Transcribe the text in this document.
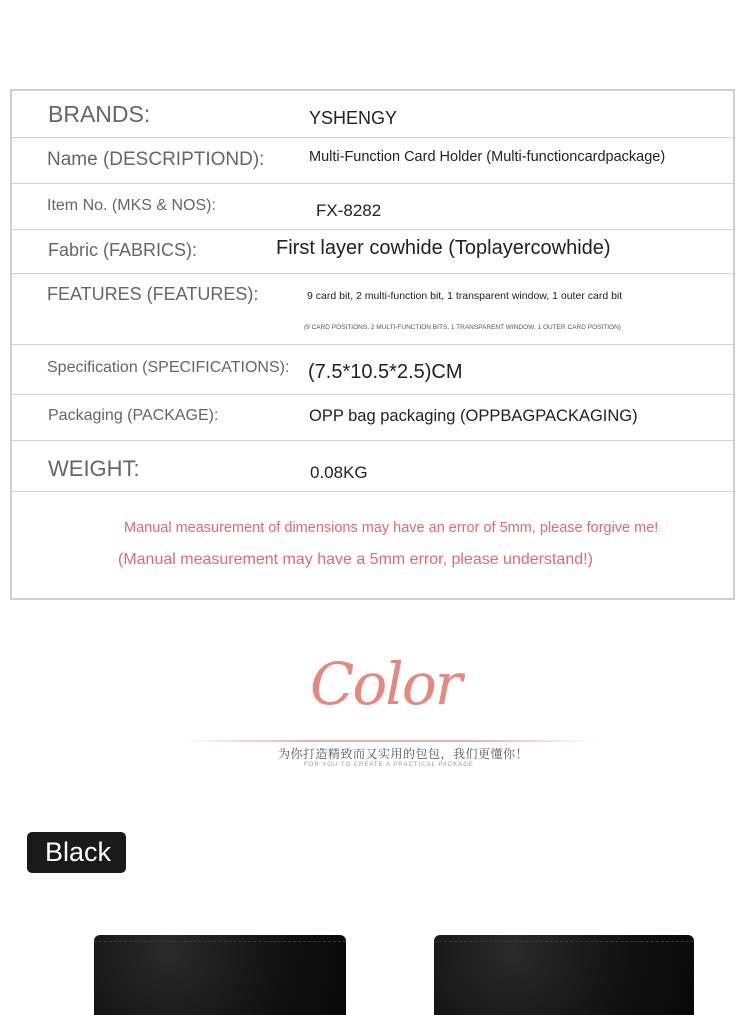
BRANDS:	YSHENGY
Name (DESCRIPTIOND):	Multi-Function Card Holder (Multi-functioncardpackage)
Item No. (MKS & NOS):	FX-8282
Fabric (FABRICS):	First layer cowhide (Toplayercowhide)
FEATURES (FEATURES):	9 card bit, 2 multi-function bit, 1 transparent window, 1 outer card bit
(9 CARD POSITIONS, 2 MULTI-FUNCTION BITS, 1 TRANSPARENT WINDOW, 1 OUTER CARD POSITION)
Specification (SPECIFICATIONS): (7.5*10.5*2.5)CM
Packaging (PACKAGE):	OPP bag packaging (OPPBAGPACKAGING)
WEIGHT:	0.08KG
Manual measurement of dimensions may have an error of 5mm, please forgive me!
(Manual measurement may have a 5mm error, please understand!)
Color
为你打造精致而又实用的包包，我们更懂你！
FOR YOU TO CREATE A PRACTICAL PACKAGE
Black
